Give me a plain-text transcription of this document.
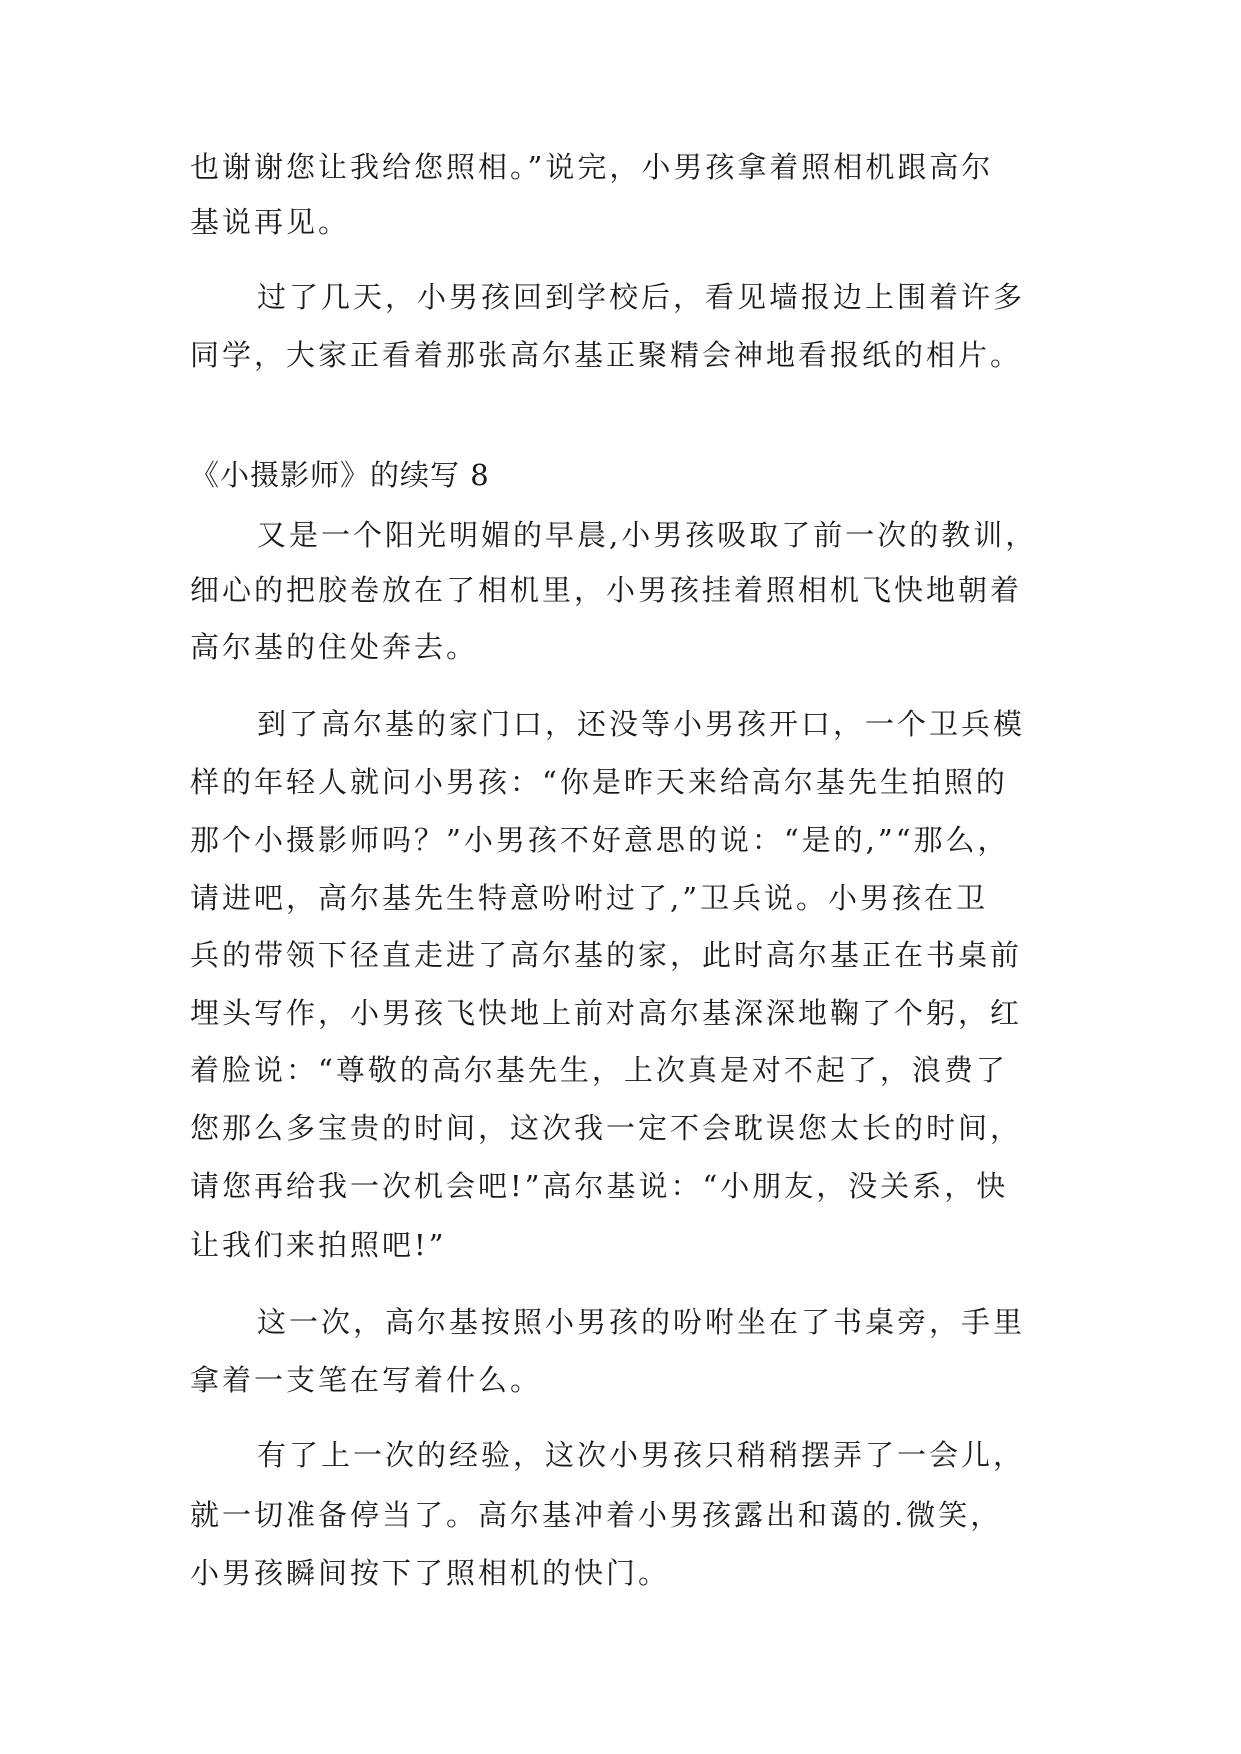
也谢谢您让我给您照相。”说完，小男孩拿着照相机跟高尔
基说再见。
过了几天，小男孩回到学校后，看见墙报边上围着许多
同学，大家正看着那张高尔基正聚精会神地看报纸的相片。
《小摄影师》的续写 8
又是一个阳光明媚的早晨,小男孩吸取了前一次的教训，
细心的把胶卷放在了相机里，小男孩挂着照相机飞快地朝着
高尔基的住处奔去。
到了高尔基的家门口，还没等小男孩开口，一个卫兵模
样的年轻人就问小男孩：“你是昨天来给高尔基先生拍照的
那个小摄影师吗？”小男孩不好意思的说：“是的,”“那么，
请进吧，高尔基先生特意吩咐过了,”卫兵说。小男孩在卫
兵的带领下径直走进了高尔基的家，此时高尔基正在书桌前
埋头写作，小男孩飞快地上前对高尔基深深地鞠了个躬，红
着脸说：“尊敬的高尔基先生，上次真是对不起了，浪费了
您那么多宝贵的时间，这次我一定不会耽误您太长的时间，
请您再给我一次机会吧!”高尔基说：“小朋友，没关系，快
让我们来拍照吧!”
这一次，高尔基按照小男孩的吩咐坐在了书桌旁，手里
拿着一支笔在写着什么。
有了上一次的经验，这次小男孩只稍稍摆弄了一会儿，
就一切准备停当了。高尔基冲着小男孩露出和蔼的.微笑，
小男孩瞬间按下了照相机的快门。
